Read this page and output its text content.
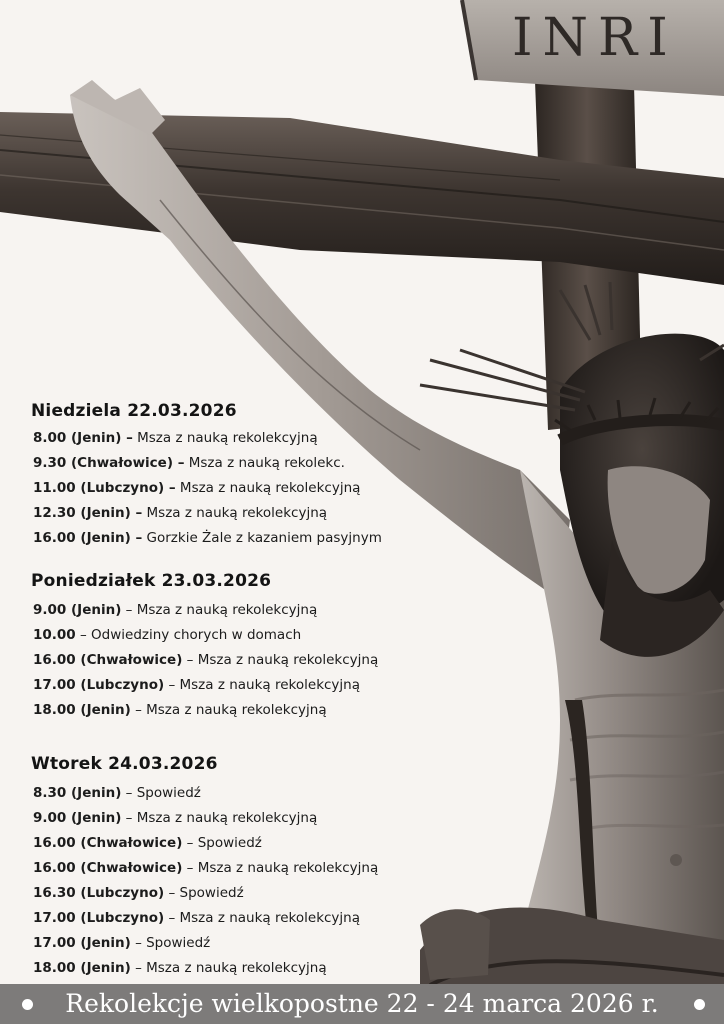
INRI
Niedziela 22.03.2026
8.00 (Jenin) – Msza z nauką rekolekcyjną
9.30 (Chwałowice) – Msza z nauką rekolekc.
11.00 (Lubczyno) – Msza z nauką rekolekcyjną
12.30 (Jenin) – Msza z nauką rekolekcyjną
16.00 (Jenin) – Gorzkie Żale z kazaniem pasyjnym
Poniedziałek 23.03.2026
9.00 (Jenin) – Msza z nauką rekolekcyjną
10.00 – Odwiedziny chorych w domach
16.00 (Chwałowice) – Msza z nauką rekolekcyjną
17.00 (Lubczyno) – Msza z nauką rekolekcyjną
18.00 (Jenin) – Msza z nauką rekolekcyjną
Wtorek 24.03.2026
8.30 (Jenin) – Spowiedź
9.00 (Jenin) – Msza z nauką rekolekcyjną
16.00 (Chwałowice) – Spowiedź
16.00 (Chwałowice) – Msza z nauką rekolekcyjną
16.30 (Lubczyno) – Spowiedź
17.00 (Lubczyno) – Msza z nauką rekolekcyjną
17.00 (Jenin) – Spowiedź
18.00 (Jenin) – Msza z nauką rekolekcyjną
Rekolekcje wielkopostne 22 - 24 marca 2026 r.
